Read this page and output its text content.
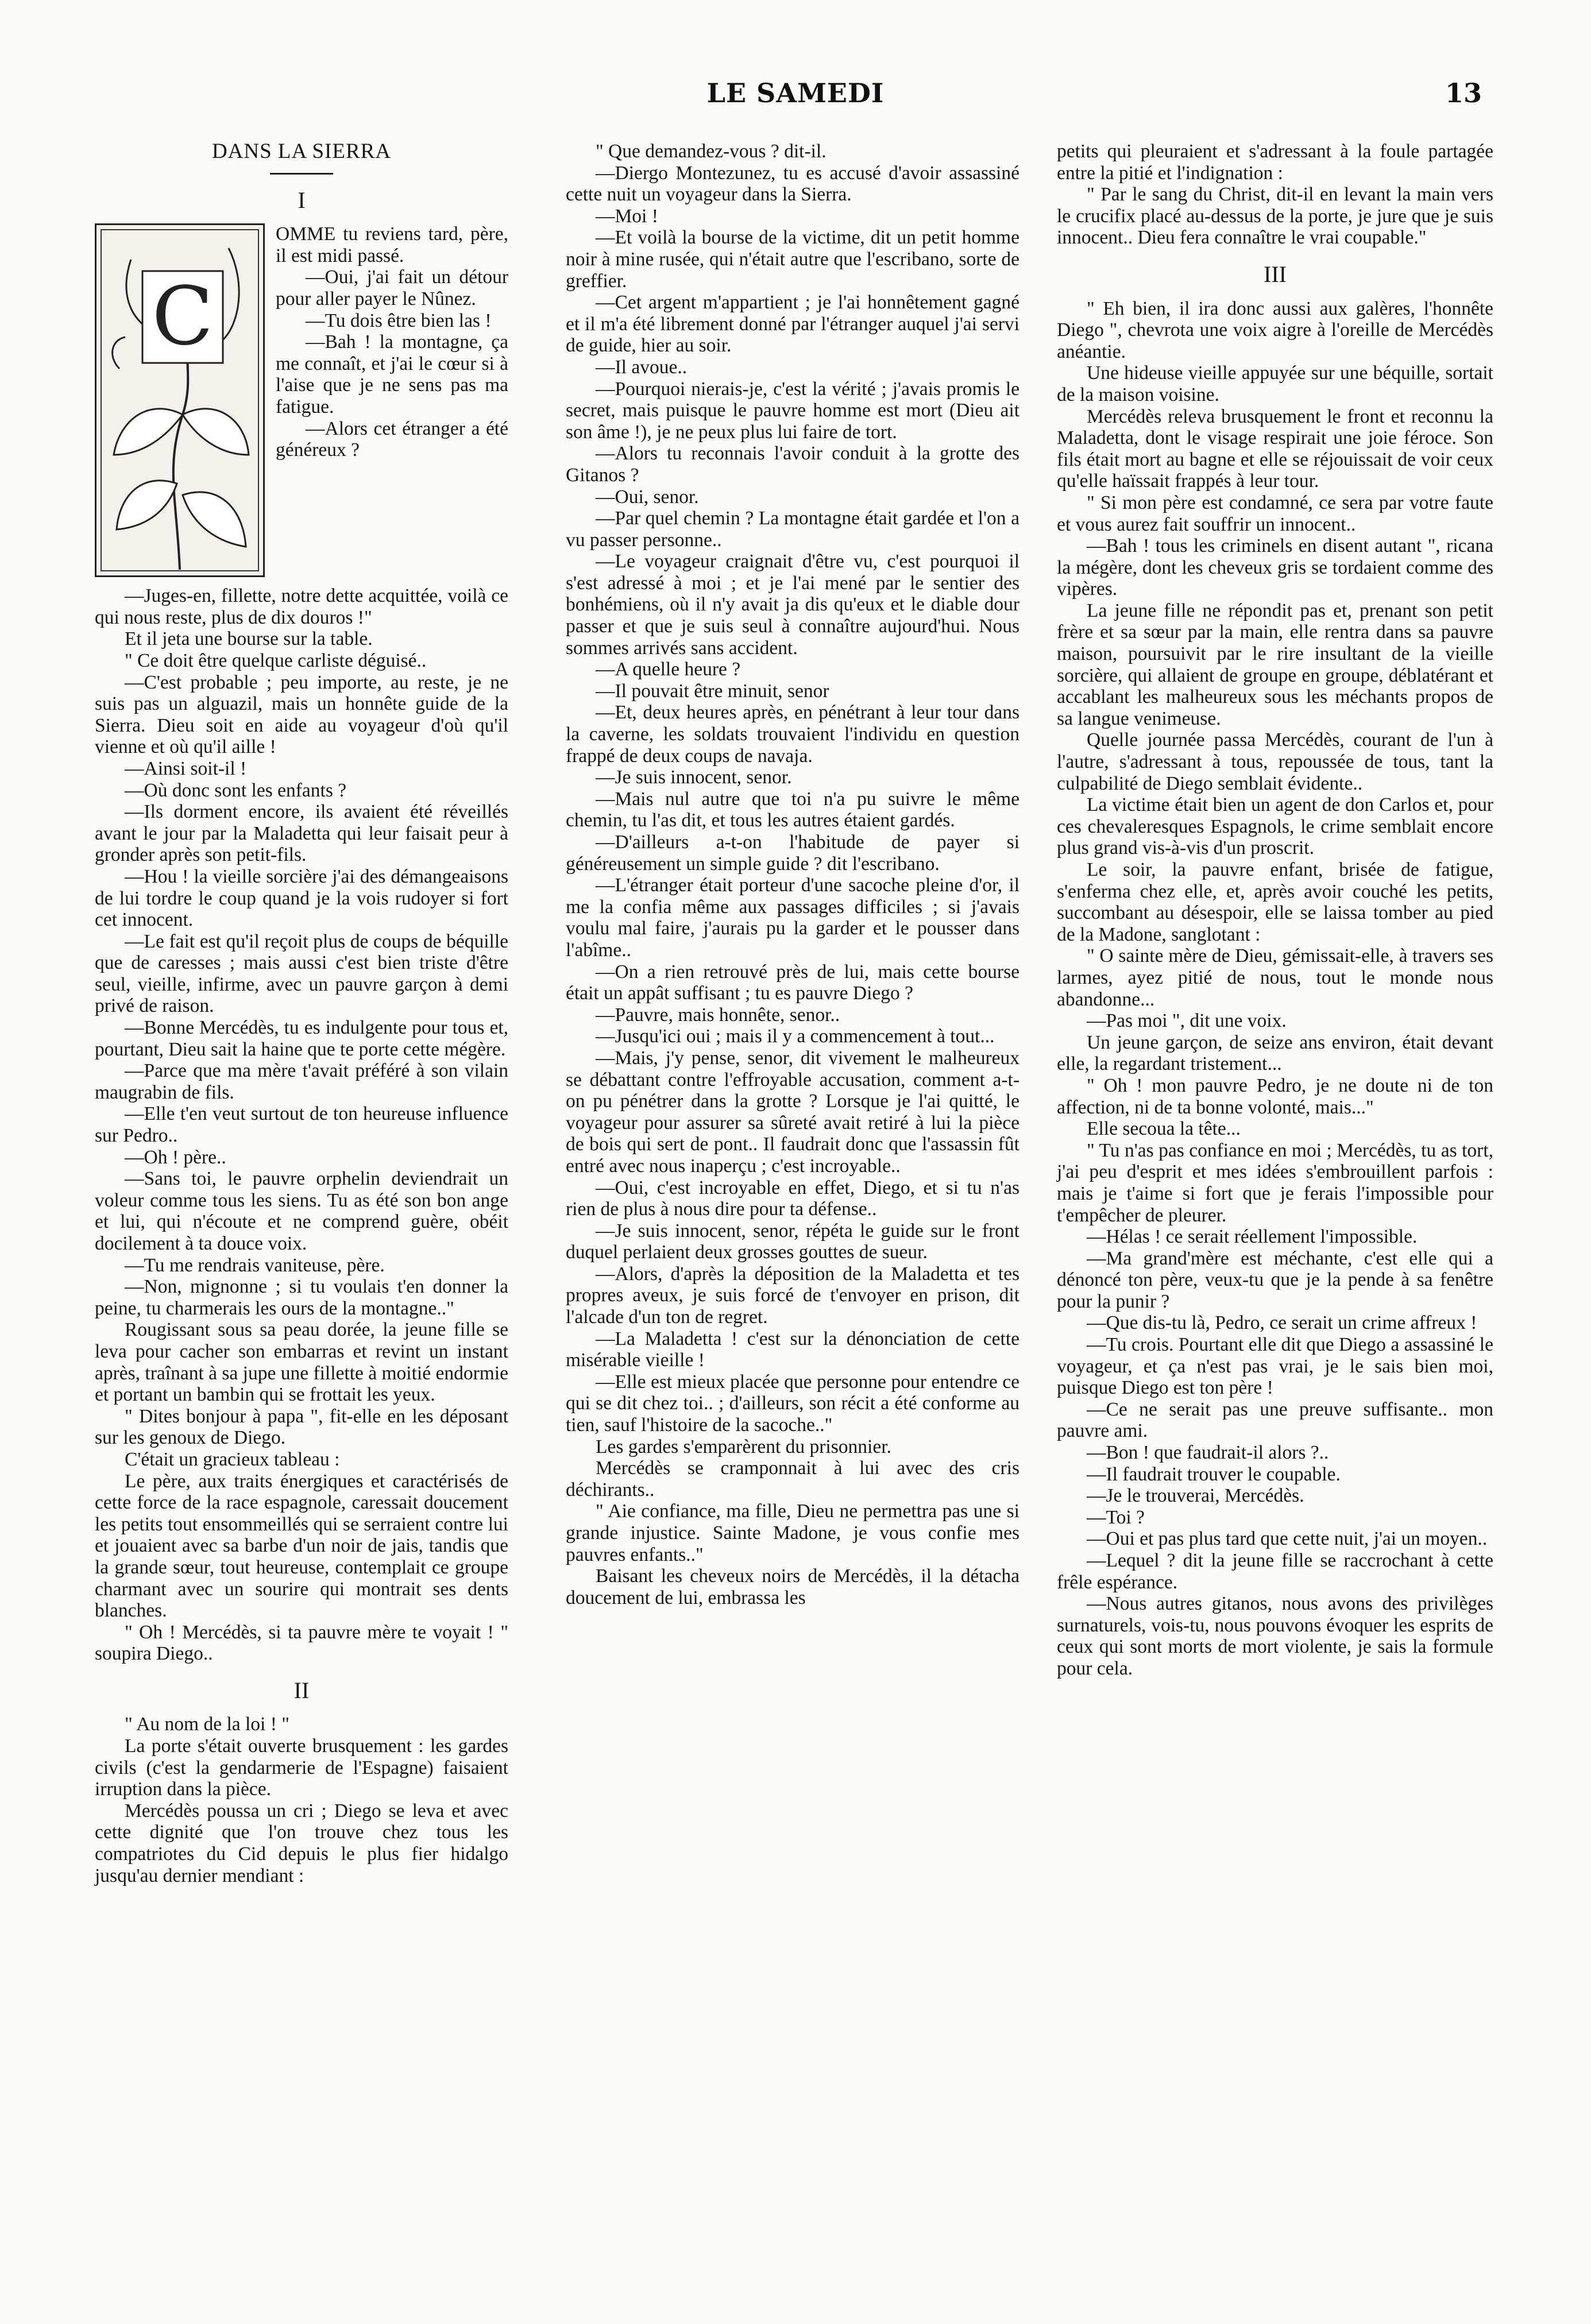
LE SAMEDI	13
DANS LA SIERRA
I
C

OMME tu reviens tard, père, il est midi passé.

—Oui, j'ai fait un détour pour aller payer le Nûnez.

—Tu dois être bien las !

—Bah ! la montagne, ça me connaît, et j'ai le cœur si à l'aise que je ne sens pas ma fatigue.

—Alors cet étranger a été généreux ?

—Juges-en, fillette, notre dette acquittée, voilà ce qui nous reste, plus de dix douros !"

Et il jeta une bourse sur la table.

" Ce doit être quelque carliste déguisé..

—C'est probable ; peu importe, au reste, je ne suis pas un alguazil, mais un honnête guide de la Sierra. Dieu soit en aide au voyageur d'où qu'il vienne et où qu'il aille !

—Ainsi soit-il !

—Où donc sont les enfants ?

—Ils dorment encore, ils avaient été réveillés avant le jour par la Maladetta qui leur faisait peur à gronder après son petit-fils.

—Hou ! la vieille sorcière j'ai des démangeaisons de lui tordre le coup quand je la vois rudoyer si fort cet innocent.

—Le fait est qu'il reçoit plus de coups de béquille que de caresses ; mais aussi c'est bien triste d'être seul, vieille, infirme, avec un pauvre garçon à demi privé de raison.

—Bonne Mercédès, tu es indulgente pour tous et, pourtant, Dieu sait la haine que te porte cette mégère.

—Parce que ma mère t'avait préféré à son vilain maugrabin de fils.

—Elle t'en veut surtout de ton heureuse influence sur Pedro..

—Oh ! père..

—Sans toi, le pauvre orphelin deviendrait un voleur comme tous les siens. Tu as été son bon ange et lui, qui n'écoute et ne comprend guère, obéit docilement à ta douce voix.

—Tu me rendrais vaniteuse, père.

—Non, mignonne ; si tu voulais t'en donner la peine, tu charmerais les ours de la montagne.."

Rougissant sous sa peau dorée, la jeune fille se leva pour cacher son embarras et revint un instant après, traînant à sa jupe une fillette à moitié endormie et portant un bambin qui se frottait les yeux.

" Dites bonjour à papa ", fit-elle en les déposant sur les genoux de Diego.

C'était un gracieux tableau :

Le père, aux traits énergiques et caractérisés de cette force de la race espagnole, caressait doucement les petits tout ensommeillés qui se serraient contre lui et jouaient avec sa barbe d'un noir de jais, tandis que la grande sœur, tout heureuse, contemplait ce groupe charmant avec un sourire qui montrait ses dents blanches.

" Oh ! Mercédès, si ta pauvre mère te voyait ! " soupira Diego..

II

" Au nom de la loi ! "

La porte s'était ouverte brusquement : les gardes civils (c'est la gendarmerie de l'Espagne) faisaient irruption dans la pièce.

Mercédès poussa un cri ; Diego se leva et avec cette dignité que l'on trouve chez tous les compatriotes du Cid depuis le plus fier hidalgo jusqu'au dernier mendiant :

" Que demandez-vous ? dit-il.

—Diergo Montezunez, tu es accusé d'avoir assassiné cette nuit un voyageur dans la Sierra.

—Moi !

—Et voilà la bourse de la victime, dit un petit homme noir à mine rusée, qui n'était autre que l'escribano, sorte de greffier.

—Cet argent m'appartient ; je l'ai honnêtement gagné et il m'a été librement donné par l'étranger auquel j'ai servi de guide, hier au soir.

—Il avoue..

—Pourquoi nierais-je, c'est la vérité ; j'avais promis le secret, mais puisque le pauvre homme est mort (Dieu ait son âme !), je ne peux plus lui faire de tort.

—Alors tu reconnais l'avoir conduit à la grotte des Gitanos ?

—Oui, senor.

—Par quel chemin ? La montagne était gardée et l'on a vu passer personne..

—Le voyageur craignait d'être vu, c'est pourquoi il s'est adressé à moi ; et je l'ai mené par le sentier des bonhémiens, où il n'y avait ja dis qu'eux et le diable dour passer et que je suis seul à connaître aujourd'hui. Nous sommes arrivés sans accident.

—A quelle heure ?

—Il pouvait être minuit, senor

—Et, deux heures après, en pénétrant à leur tour dans la caverne, les soldats trouvaient l'individu en question frappé de deux coups de navaja.

—Je suis innocent, senor.

—Mais nul autre que toi n'a pu suivre le même chemin, tu l'as dit, et tous les autres étaient gardés.

—D'ailleurs a-t-on l'habitude de payer si généreusement un simple guide ? dit l'escribano.

—L'étranger était porteur d'une sacoche pleine d'or, il me la confia même aux passages difficiles ; si j'avais voulu mal faire, j'aurais pu la garder et le pousser dans l'abîme..

—On a rien retrouvé près de lui, mais cette bourse était un appât suffisant ; tu es pauvre Diego ?

—Pauvre, mais honnête, senor..

—Jusqu'ici oui ; mais il y a commencement à tout...

—Mais, j'y pense, senor, dit vivement le malheureux se débattant contre l'effroyable accusation, comment a-t-on pu pénétrer dans la grotte ? Lorsque je l'ai quitté, le voyageur pour assurer sa sûreté avait retiré à lui la pièce de bois qui sert de pont.. Il faudrait donc que l'assassin fût entré avec nous inaperçu ; c'est incroyable..

—Oui, c'est incroyable en effet, Diego, et si tu n'as rien de plus à nous dire pour ta défense..

—Je suis innocent, senor, répéta le guide sur le front duquel perlaient deux grosses gouttes de sueur.

—Alors, d'après la déposition de la Maladetta et tes propres aveux, je suis forcé de t'envoyer en prison, dit l'alcade d'un ton de regret.

—La Maladetta ! c'est sur la dénonciation de cette misérable vieille !

—Elle est mieux placée que personne pour entendre ce qui se dit chez toi.. ; d'ailleurs, son récit a été conforme au tien, sauf l'histoire de la sacoche.."

Les gardes s'emparèrent du prisonnier.

Mercédès se cramponnait à lui avec des cris déchirants..

" Aie confiance, ma fille, Dieu ne permettra pas une si grande injustice. Sainte Madone, je vous confie mes pauvres enfants.."

Baisant les cheveux noirs de Mercédès, il la détacha doucement de lui, embrassa les

petits qui pleuraient et s'adressant à la foule partagée entre la pitié et l'indignation :

" Par le sang du Christ, dit-il en levant la main vers le crucifix placé au-dessus de la porte, je jure que je suis innocent.. Dieu fera connaître le vrai coupable."

III

" Eh bien, il ira donc aussi aux galères, l'honnête Diego ", chevrota une voix aigre à l'oreille de Mercédès anéantie.

Une hideuse vieille appuyée sur une béquille, sortait de la maison voisine.

Mercédès releva brusquement le front et reconnu la Maladetta, dont le visage respirait une joie féroce. Son fils était mort au bagne et elle se réjouissait de voir ceux qu'elle haïssait frappés à leur tour.

" Si mon père est condamné, ce sera par votre faute et vous aurez fait souffrir un innocent..

—Bah ! tous les criminels en disent autant ", ricana la mégère, dont les cheveux gris se tordaient comme des vipères.

La jeune fille ne répondit pas et, prenant son petit frère et sa sœur par la main, elle rentra dans sa pauvre maison, poursuivit par le rire insultant de la vieille sorcière, qui allaient de groupe en groupe, déblatérant et accablant les malheureux sous les méchants propos de sa langue venimeuse.

Quelle journée passa Mercédès, courant de l'un à l'autre, s'adressant à tous, repoussée de tous, tant la culpabilité de Diego semblait évidente..

La victime était bien un agent de don Carlos et, pour ces chevaleresques Espagnols, le crime semblait encore plus grand vis-à-vis d'un proscrit.

Le soir, la pauvre enfant, brisée de fatigue, s'enferma chez elle, et, après avoir couché les petits, succombant au désespoir, elle se laissa tomber au pied de la Madone, sanglotant :

" O sainte mère de Dieu, gémissait-elle, à travers ses larmes, ayez pitié de nous, tout le monde nous abandonne...

—Pas moi ", dit une voix.

Un jeune garçon, de seize ans environ, était devant elle, la regardant tristement...

" Oh ! mon pauvre Pedro, je ne doute ni de ton affection, ni de ta bonne volonté, mais..."

Elle secoua la tête...

" Tu n'as pas confiance en moi ; Mercédès, tu as tort, j'ai peu d'esprit et mes idées s'embrouillent parfois : mais je t'aime si fort que je ferais l'impossible pour t'empêcher de pleurer.

—Hélas ! ce serait réellement l'impossible.

—Ma grand'mère est méchante, c'est elle qui a dénoncé ton père, veux-tu que je la pende à sa fenêtre pour la punir ?

—Que dis-tu là, Pedro, ce serait un crime affreux !

—Tu crois. Pourtant elle dit que Diego a assassiné le voyageur, et ça n'est pas vrai, je le sais bien moi, puisque Diego est ton père !

—Ce ne serait pas une preuve suffisante.. mon pauvre ami.

—Bon ! que faudrait-il alors ?..

—Il faudrait trouver le coupable.

—Je le trouverai, Mercédès.

—Toi ?

—Oui et pas plus tard que cette nuit, j'ai un moyen..

—Lequel ? dit la jeune fille se raccrochant à cette frêle espérance.

—Nous autres gitanos, nous avons des privilèges surnaturels, vois-tu, nous pouvons évoquer les esprits de ceux qui sont morts de mort violente, je sais la formule pour cela.
